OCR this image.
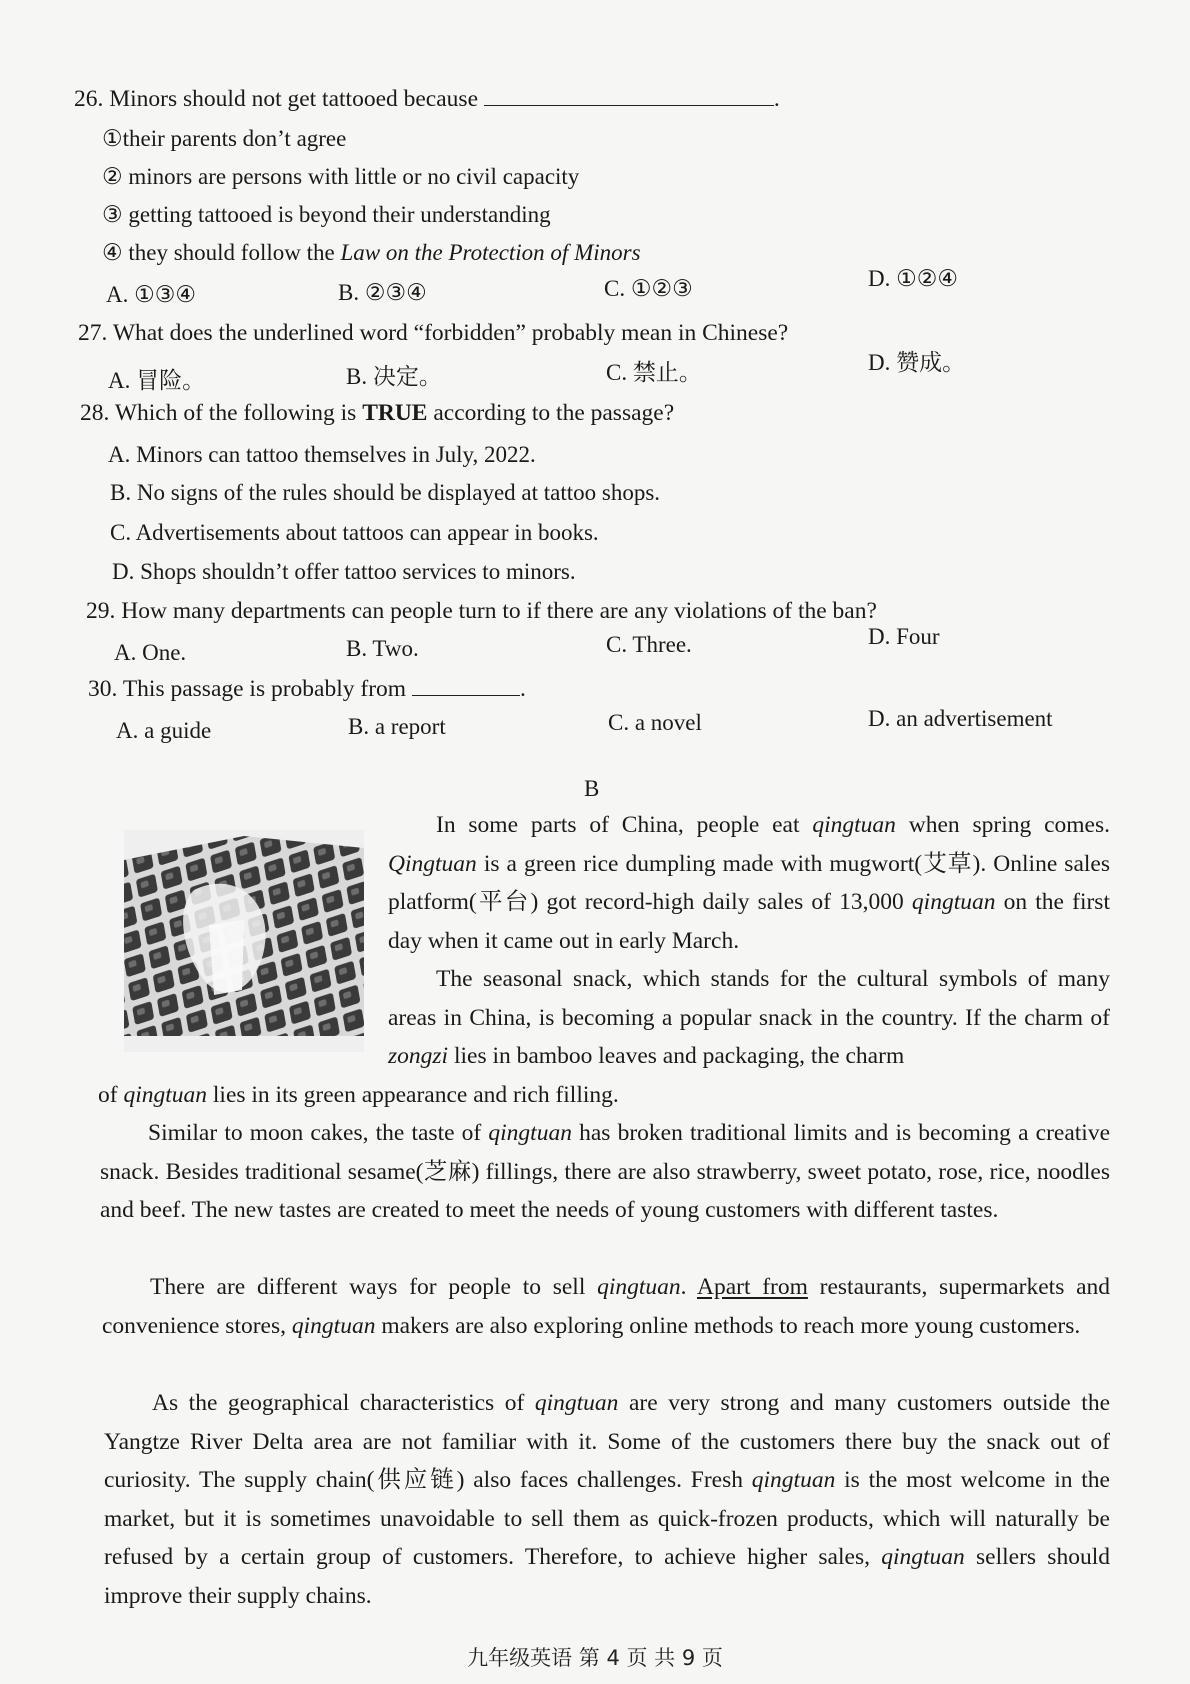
26. Minors should not get tattooed because	.
①their parents don’t agree
② minors are persons with little or no civil capacity
③ getting tattooed is beyond their understanding
④ they should follow the Law on the Protection of Minors
A. ①③④	B. ②③④	C. ①②③	D. ①②④
27. What does the underlined word “forbidden” probably mean in Chinese?
A. 冒险。	B. 决定。	C. 禁止。	D. 赞成。
28. Which of the following is TRUE according to the passage?
A. Minors can tattoo themselves in July, 2022.
B. No signs of the rules should be displayed at tattoo shops.
C. Advertisements about tattoos can appear in books.
D. Shops shouldn’t offer tattoo services to minors.
29. How many departments can people turn to if there are any violations of the ban?
A. One.	B. Two.	C. Three.	D. Four
30. This passage is probably from	.
A. a guide	B. a report	C. a novel	D. an advertisement
B
In some parts of China, people eat qingtuan when spring comes. Qingtuan is a green rice dumpling made with mugwort(艾草). Online sales platform(平台) got record-high daily sales of 13,000 qingtuan on the first day when it came out in early March.
The seasonal snack, which stands for the cultural symbols of many areas in China, is becoming a popular snack in the country. If the charm of zongzi lies in bamboo leaves and packaging, the charm
of qingtuan lies in its green appearance and rich filling.
Similar to moon cakes, the taste of qingtuan has broken traditional limits and is becoming a creative snack. Besides traditional sesame(芝麻) fillings, there are also strawberry, sweet potato, rose, rice, noodles and beef. The new tastes are created to meet the needs of young customers with different tastes.
There are different ways for people to sell qingtuan. Apart from restaurants, supermarkets and convenience stores, qingtuan makers are also exploring online methods to reach more young customers.
As the geographical characteristics of qingtuan are very strong and many customers outside the Yangtze River Delta area are not familiar with it. Some of the customers there buy the snack out of curiosity. The supply chain(供应链) also faces challenges. Fresh qingtuan is the most welcome in the market, but it is sometimes unavoidable to sell them as quick-frozen products, which will naturally be refused by a certain group of customers. Therefore, to achieve higher sales, qingtuan sellers should improve their supply chains.
九年级英语 第 4 页 共 9 页
